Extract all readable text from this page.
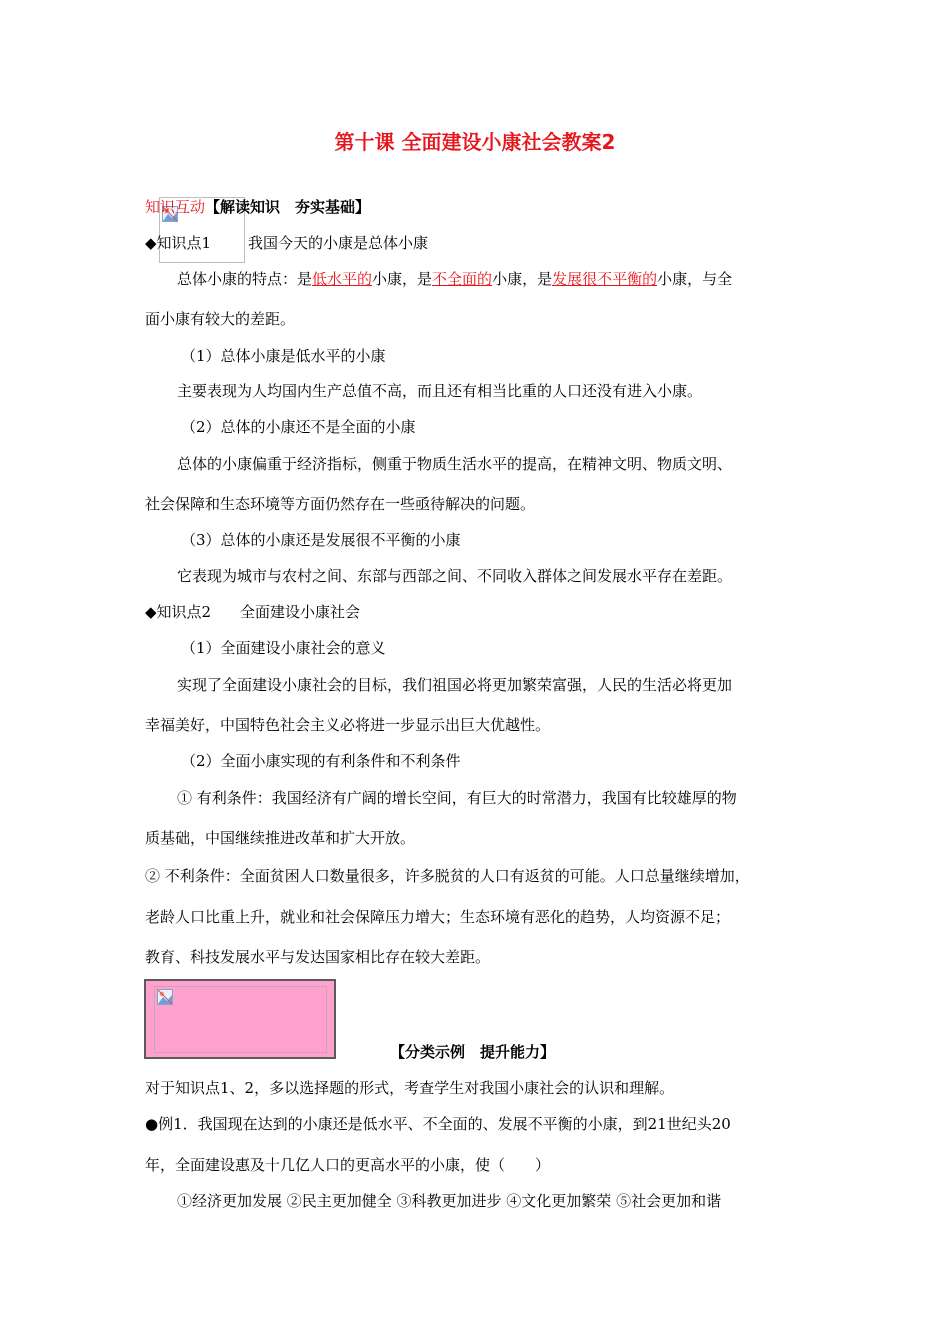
第十课 全面建设小康社会教案2
知识互动【解读知识　夯实基础】
◆知识点1 我国今天的小康是总体小康
总体小康的特点：是低水平的小康，是不全面的小康，是发展很不平衡的小康，与全
面小康有较大的差距。
（1）总体小康是低水平的小康
主要表现为人均国内生产总值不高，而且还有相当比重的人口还没有进入小康。
（2）总体的小康还不是全面的小康
总体的小康偏重于经济指标，侧重于物质生活水平的提高，在精神文明、物质文明、
社会保障和生态环境等方面仍然存在一些亟待解决的问题。
（3）总体的小康还是发展很不平衡的小康
它表现为城市与农村之间、东部与西部之间、不同收入群体之间发展水平存在差距。
◆知识点2 全面建设小康社会
（1）全面建设小康社会的意义
实现了全面建设小康社会的目标，我们祖国必将更加繁荣富强，人民的生活必将更加
幸福美好，中国特色社会主义必将进一步显示出巨大优越性。
（2）全面小康实现的有利条件和不利条件
① 有利条件：我国经济有广阔的增长空间，有巨大的时常潜力，我国有比较雄厚的物
质基础，中国继续推进改革和扩大开放。
② 不利条件：全面贫困人口数量很多，许多脱贫的人口有返贫的可能。人口总量继续增加，
老龄人口比重上升，就业和社会保障压力增大；生态环境有恶化的趋势，人均资源不足；
教育、科技发展水平与发达国家相比存在较大差距。
【分类示例　提升能力】
对于知识点1、2，多以选择题的形式，考查学生对我国小康社会的认识和理解。
●例1．我国现在达到的小康还是低水平、不全面的、发展不平衡的小康，到21世纪头20
年，全面建设惠及十几亿人口的更高水平的小康，使（　　）
①经济更加发展 ②民主更加健全 ③科教更加进步 ④文化更加繁荣 ⑤社会更加和谐
